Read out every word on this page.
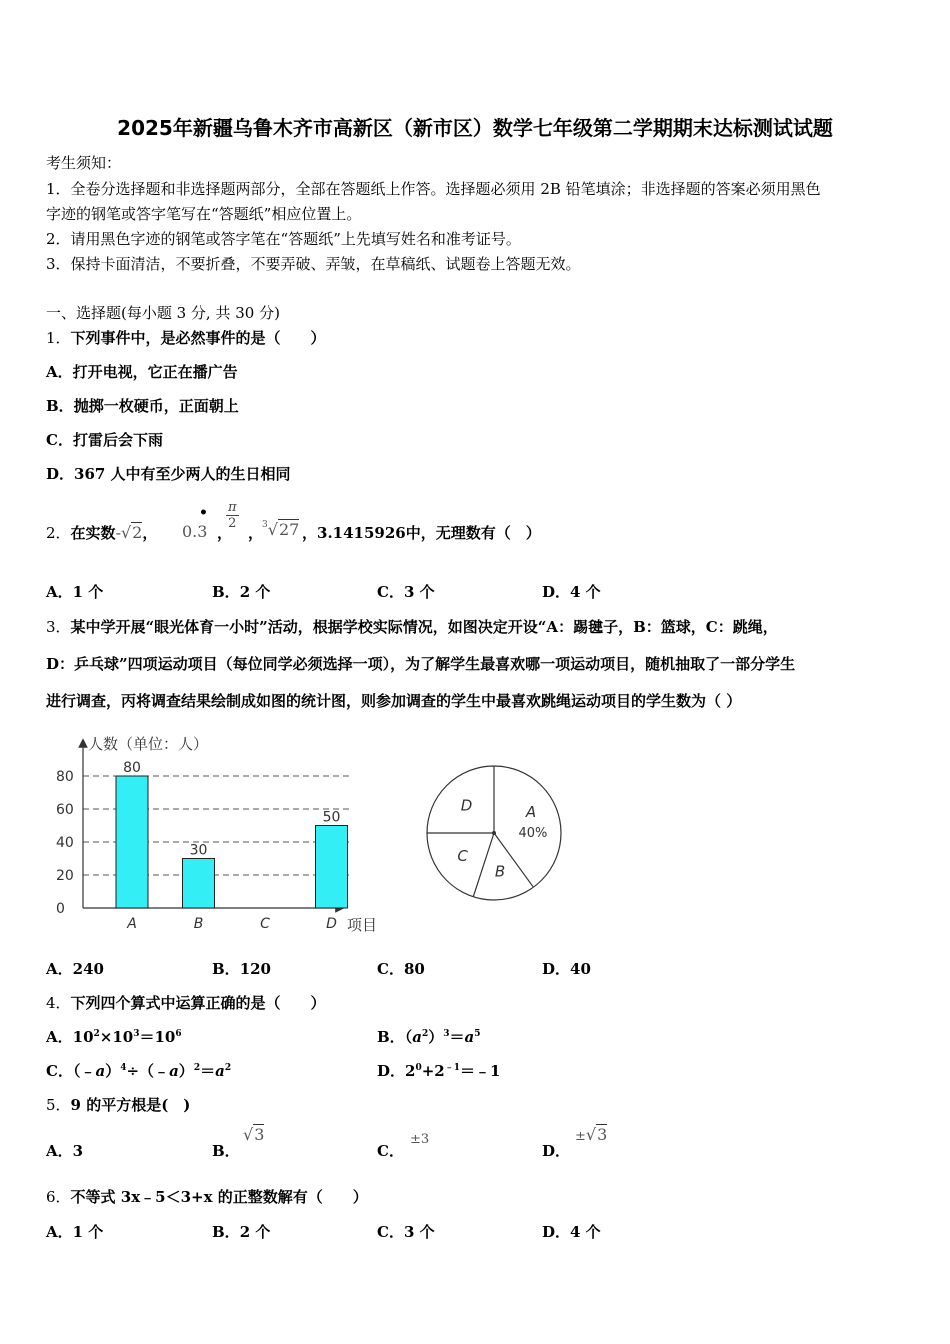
2025年新疆乌鲁木齐市高新区（新市区）数学七年级第二学期期末达标测试试题
考生须知：
1．全卷分选择题和非选择题两部分，全部在答题纸上作答。选择题必须用 2B 铅笔填涂；非选择题的答案必须用黑色
字迹的钢笔或答字笔写在“答题纸”相应位置上。
2．请用黑色字迹的钢笔或答字笔在“答题纸”上先填写姓名和准考证号。
3．保持卡面清洁，不要折叠，不要弄破、弄皱，在草稿纸、试题卷上答题无效。
一、选择题(每小题 3 分, 共 30 分)
1．下列事件中，是必然事件的是（　　）
A．打开电视，它正在播广告
B．抛掷一枚硬币，正面朝上
C．打雷后会下雨
D．367 人中有至少两人的生日相同
2．在实数-√2， 0.3
•
，
$\frac{\pi}{2}$
，
$^3$√27 ，3.1415926中，无理数有（　）
A．1 个	B．2 个	C．3 个	D．4 个
3．某中学开展“眼光体育一小时”活动，根据学校实际情况，如图决定开设“A：踢毽子，B：篮球，C：跳绳，
D：乒乓球”四项运动项目（每位同学必须选择一项），为了解学生最喜欢哪一项运动项目，随机抽取了一部分学生
进行调查，丙将调查结果绘制成如图的统计图，则参加调查的学生中最喜欢跳绳运动项目的学生数为（ ）
人数（单位：人）
项目
0
20
40
60
80
A	B	C	D
80
30
50	A
40%
B
C
D
A．240	B．120	C．80	D．40
4．下列四个算式中运算正确的是（　　）
A．$10^2\times 10^3=10^6$	B．$(a^2)^3=a^5$
C．$(﹣a)^4\div(﹣a)^2=a^2$	D．$2^0+2^{﹣1}=﹣1$
5．9 的平方根是(　)
A．3	B．
√3
C．
±3
D．
±√3
6．不等式 3x﹣5＜3+x 的正整数解有（　　）
A．1 个	B．2 个	C．3 个	D．4 个
